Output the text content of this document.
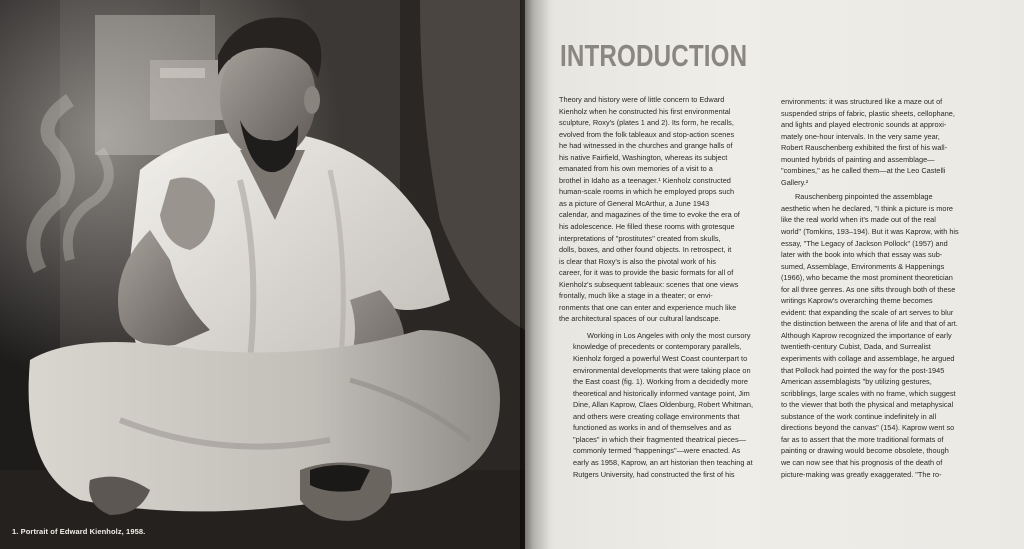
1. Portrait of Edward Kienholz, 1958.
INTRODUCTION

Theory and history were of little concern to Edward
Kienholz when he constructed his first environmental
sculpture, Roxy's (plates 1 and 2). Its form, he recalls,
evolved from the folk tableaux and stop-action scenes
he had witnessed in the churches and grange halls of
his native Fairfield, Washington, whereas its subject
emanated from his own memories of a visit to a
brothel in Idaho as a teenager.¹ Kienholz constructed
human-scale rooms in which he employed props such
as a picture of General McArthur, a June 1943
calendar, and magazines of the time to evoke the era of
his adolescence. He filled these rooms with grotesque
interpretations of "prostitutes" created from skulls,
dolls, boxes, and other found objects. In retrospect, it
is clear that Roxy's is also the pivotal work of his
career, for it was to provide the basic formats for all of
Kienholz's subsequent tableaux: scenes that one views
frontally, much like a stage in a theater; or envi-
ronments that one can enter and experience much like
the architectural spaces of our cultural landscape.

Working in Los Angeles with only the most cursory
knowledge of precedents or contemporary parallels,
Kienholz forged a powerful West Coast counterpart to
environmental developments that were taking place on
the East coast (fig. 1). Working from a decidedly more
theoretical and historically informed vantage point, Jim
Dine, Allan Kaprow, Claes Oldenburg, Robert Whitman,
and others were creating collage environments that
functioned as works in and of themselves and as
"places" in which their fragmented theatrical pieces—
commonly termed "happenings"—were enacted. As
early as 1958, Kaprow, an art historian then teaching at
Rutgers University, had constructed the first of his

environments: it was structured like a maze out of
suspended strips of fabric, plastic sheets, cellophane,
and lights and played electronic sounds at approxi-
mately one-hour intervals. In the very same year,
Robert Rauschenberg exhibited the first of his wall-
mounted hybrids of painting and assemblage—
"combines," as he called them—at the Leo Castelli
Gallery.²

Rauschenberg pinpointed the assemblage
aesthetic when he declared, "I think a picture is more
like the real world when it's made out of the real
world" (Tomkins, 193–194). But it was Kaprow, with his
essay, "The Legacy of Jackson Pollock" (1957) and
later with the book into which that essay was sub-
sumed, Assemblage, Environments & Happenings
(1966), who became the most prominent theoretician
for all three genres. As one sifts through both of these
writings Kaprow's overarching theme becomes
evident: that expanding the scale of art serves to blur
the distinction between the arena of life and that of art.
Although Kaprow recognized the importance of early
twentieth-century Cubist, Dada, and Surrealist
experiments with collage and assemblage, he argued
that Pollock had pointed the way for the post-1945
American assemblagists "by utilizing gestures,
scribblings, large scales with no frame, which suggest
to the viewer that both the physical and metaphysical
substance of the work continue indefinitely in all
directions beyond the canvas" (154). Kaprow went so
far as to assert that the more traditional formats of
painting or drawing would become obsolete, though
we can now see that his prognosis of the death of
picture-making was greatly exaggerated. "The ro-
